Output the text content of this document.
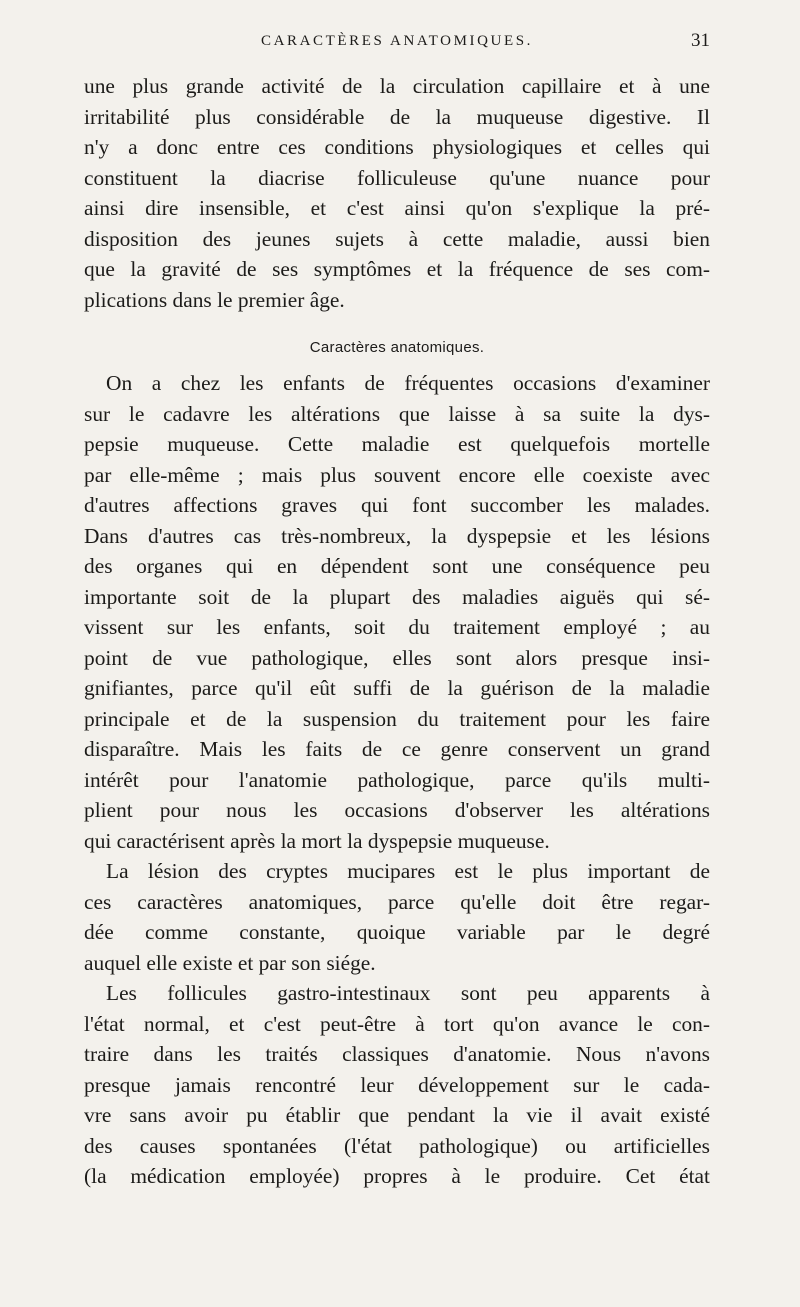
CARACTÈRES ANATOMIQUES.	31
une plus grande activité de la circulation capillaire et à une
irritabilité plus considérable de la muqueuse digestive. Il
n'y a donc entre ces conditions physiologiques et celles qui
constituent la diacrise folliculeuse qu'une nuance pour
ainsi dire insensible, et c'est ainsi qu'on s'explique la pré-
disposition des jeunes sujets à cette maladie, aussi bien
que la gravité de ses symptômes et la fréquence de ses com-
plications dans le premier âge.
Caractères anatomiques.
On a chez les enfants de fréquentes occasions d'examiner
sur le cadavre les altérations que laisse à sa suite la dys-
pepsie muqueuse. Cette maladie est quelquefois mortelle
par elle-même ; mais plus souvent encore elle coexiste avec
d'autres affections graves qui font succomber les malades.
Dans d'autres cas très-nombreux, la dyspepsie et les lésions
des organes qui en dépendent sont une conséquence peu
importante soit de la plupart des maladies aiguës qui sé-
vissent sur les enfants, soit du traitement employé ; au
point de vue pathologique, elles sont alors presque insi-
gnifiantes, parce qu'il eût suffi de la guérison de la maladie
principale et de la suspension du traitement pour les faire
disparaître. Mais les faits de ce genre conservent un grand
intérêt pour l'anatomie pathologique, parce qu'ils multi-
plient pour nous les occasions d'observer les altérations
qui caractérisent après la mort la dyspepsie muqueuse.
La lésion des cryptes mucipares est le plus important de
ces caractères anatomiques, parce qu'elle doit être regar-
dée comme constante, quoique variable par le degré
auquel elle existe et par son siége.
Les follicules gastro-intestinaux sont peu apparents à
l'état normal, et c'est peut-être à tort qu'on avance le con-
traire dans les traités classiques d'anatomie. Nous n'avons
presque jamais rencontré leur développement sur le cada-
vre sans avoir pu établir que pendant la vie il avait existé
des causes spontanées (l'état pathologique) ou artificielles
(la médication employée) propres à le produire. Cet état
